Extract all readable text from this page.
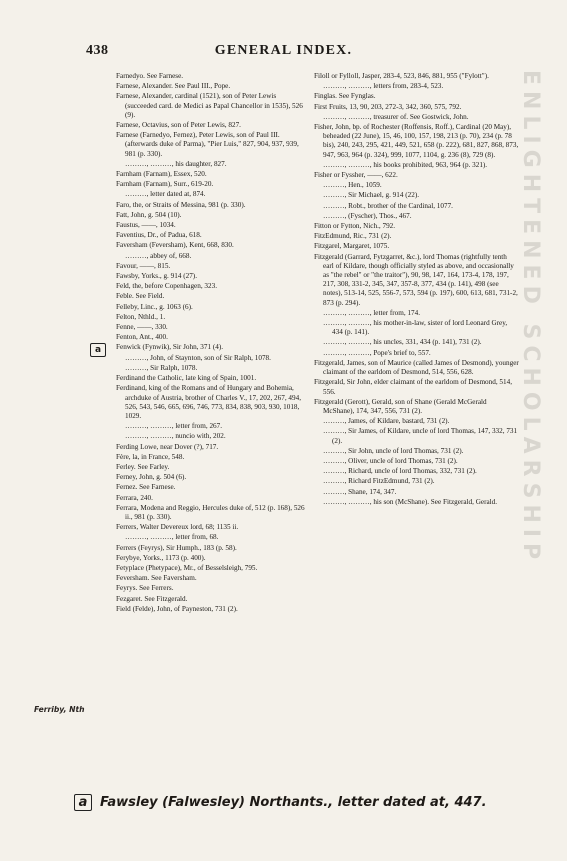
438	GENERAL INDEX.
Farnedyo. See Farnese.
Farnese, Alexander. See Paul III., Pope.
Farnese, Alexander, cardinal (1521), son of Peter Lewis (succeeded card. de Medici as Papal Chancellor in 1535), 526 (9).
Farnese, Octavius, son of Peter Lewis, 827.
Farnese (Farnedyo, Fernez), Peter Lewis, son of Paul III. (afterwards duke of Parma), "Pier Luis," 827, 904, 937, 939, 981 (p. 330).
………, ………, his daughter, 827.
Farnham (Farnam), Essex, 520.
Farnham (Farnam), Surr., 619-20.
………, letter dated at, 874.
Faro, the, or Straits of Messina, 981 (p. 330).
Fatt, John, g. 504 (10).
Faustus, ——, 1034.
Faventius, Dr., of Padua, 618.
Faversham (Feversham), Kent, 668, 830.
………, abbey of, 668.
Favour, ——, 815.
Fawsby, Yorks., g. 914 (27).
Feld, the, before Copenhagen, 323.
Feble. See Field.
Felleby, Linc., g. 1063 (6).
Felton, Nthld., 1.
Fenne, ——, 330.
Fenton, Ant., 400.
Fenwick (Fynwik), Sir John, 371 (4).
………, John, of Staynton, son of Sir Ralph, 1078.
………, Sir Ralph, 1078.
Ferdinand the Catholic, late king of Spain, 1001.
Ferdinand, king of the Romans and of Hungary and Bohemia, archduke of Austria, brother of Charles V., 17, 202, 267, 494, 526, 543, 546, 665, 696, 746, 773, 834, 838, 903, 930, 1018, 1029.
………, ………, letter from, 267.
………, ………, nuncio with, 202.
Ferding Lowe, near Dover (?), 717.
Fère, la, in France, 548.
Ferley. See Farley.
Ferney, John, g. 504 (6).
Fernez. See Farnese.
Ferrara, 240.
Ferrara, Modena and Reggio, Hercules duke of, 512 (p. 168), 526 ii., 981 (p. 330).
Ferrers, Walter Devereux lord, 68; 1135 ii.
………, ………, letter from, 68.
Ferrers (Feyrys), Sir Humph., 183 (p. 58).
Ferybye, Yorks., 1173 (p. 400).
Fetyplace (Phetypace), Mr., of Besselsleigh, 795.
Feversham. See Faversham.
Feyrys. See Ferrers.
Fezgaret. See Fitzgerald.
Field (Felde), John, of Payneston, 731 (2).
Filoll or Fylloll, Jasper, 283-4, 523, 846, 881, 955 ("Fylott").
………, ………, letters from, 283-4, 523.
Finglas. See Fynglas.
First Fruits, 13, 90, 203, 272-3, 342, 360, 575, 792.
………, ………, treasurer of. See Gostwick, John.
Fisher, John, bp. of Rochester (Roffensis, Roff.), Cardinal (20 May), beheaded (22 June), 15, 46, 100, 157, 198, 213 (p. 70), 234 (p. 78 bis), 240, 243, 295, 421, 449, 521, 658 (p. 222), 681, 827, 868, 873, 947, 963, 964 (p. 324), 999, 1077, 1104, g. 236 (8), 729 (8).
………, ………, his books prohibited, 963, 964 (p. 321).
Fisher or Fyssher, ——, 622.
………, Hen., 1059.
………, Sir Michael, g. 914 (22).
………, Robt., brother of the Cardinal, 1077.
………, (Fyscher), Thos., 467.
Fitton or Fytton, Nich., 792.
FitzEdmund, Ric., 731 (2).
Fitzgarel, Margaret, 1075.
Fitzgerald (Garrard, Fytzgarret, &c.), lord Thomas (rightfully tenth earl of Kildare, though officially styled as above, and occasionally as "the rebel" or "the traitor"), 90, 98, 147, 164, 173-4, 178, 197, 217, 308, 331-2, 345, 347, 357-8, 377, 434 (p. 141), 498 (see notes), 513-14, 525, 556-7, 573, 594 (p. 197), 600, 613, 681, 731-2, 873 (p. 294).
………, ………, letter from, 174.
………, ………, his mother-in-law, sister of lord Leonard Grey, 434 (p. 141).
………, ………, his uncles, 331, 434 (p. 141), 731 (2).
………, ………, Pope's brief to, 557.
Fitzgerald, James, son of Maurice (called James of Desmond), younger claimant of the earldom of Desmond, 514, 556, 628.
Fitzgerald, Sir John, elder claimant of the earldom of Desmond, 514, 556.
Fitzgerald (Gerott), Gerald, son of Shane (Gerald McGerald McShane), 174, 347, 556, 731 (2).
………, James, of Kildare, bastard, 731 (2).
………, Sir James, of Kildare, uncle of lord Thomas, 147, 332, 731 (2).
………, Sir John, uncle of lord Thomas, 731 (2).
………, Oliver, uncle of lord Thomas, 731 (2).
………, Richard, uncle of lord Thomas, 332, 731 (2).
………, Richard FitzEdmund, 731 (2).
………, Shane, 174, 347.
………, ………, his son (McShane). See Fitzgerald, Gerald.
a
Ferriby, Nth
a Fawsley (Falwesley) Northants., letter dated at, 447.
ENLIGHTENED SCHOLARSHIP
